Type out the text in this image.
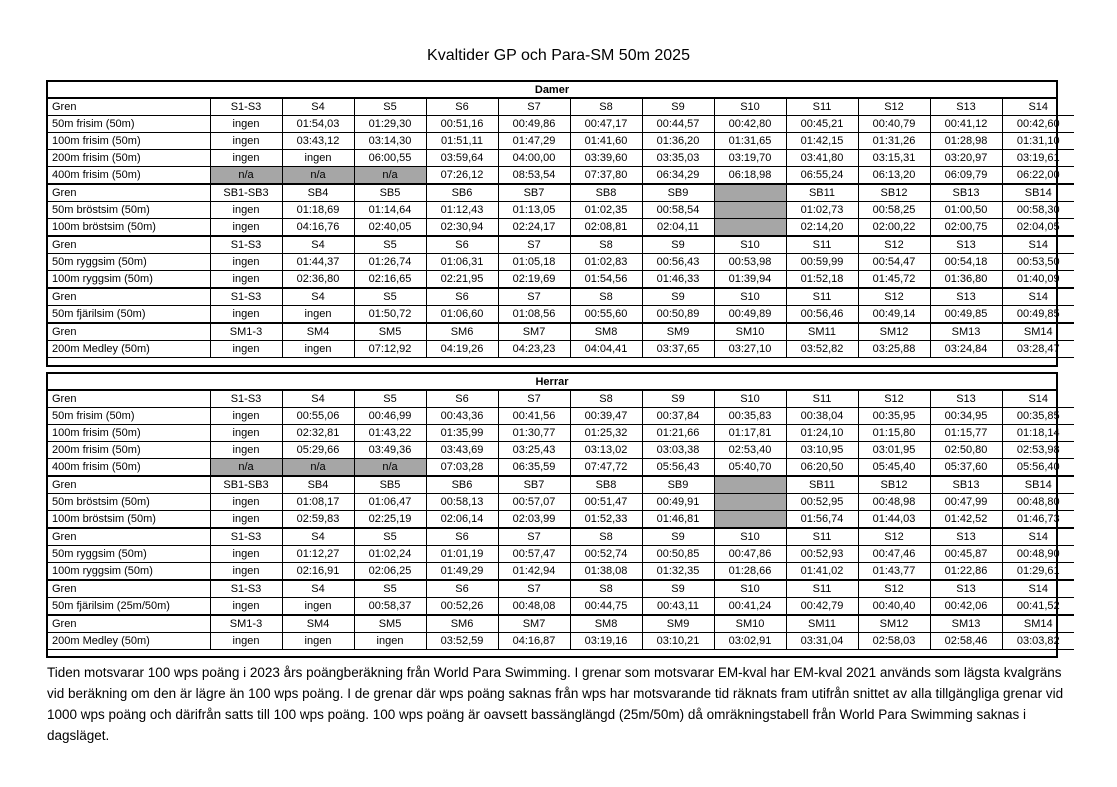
Kvaltider GP och Para-SM 50m 2025
Damer
Gren	S1-S3	S4	S5	S6	S7	S8	S9	S10	S11	S12	S13	S14
50m frisim (50m)	ingen	01:54,03	01:29,30	00:51,16	00:49,86	00:47,17	00:44,57	00:42,80	00:45,21	00:40,79	00:41,12	00:42,60
100m frisim (50m)	ingen	03:43,12	03:14,30	01:51,11	01:47,29	01:41,60	01:36,20	01:31,65	01:42,15	01:31,26	01:28,98	01:31,10
200m frisim (50m)	ingen	ingen	06:00,55	03:59,64	04:00,00	03:39,60	03:35,03	03:19,70	03:41,80	03:15,31	03:20,97	03:19,61
400m frisim (50m)	n/a	n/a	n/a	07:26,12	08:53,54	07:37,80	06:34,29	06:18,98	06:55,24	06:13,20	06:09,79	06:22,00
Gren	SB1-SB3	SB4	SB5	SB6	SB7	SB8	SB9		SB11	SB12	SB13	SB14
50m bröstsim (50m)	ingen	01:18,69	01:14,64	01:12,43	01:13,05	01:02,35	00:58,54		01:02,73	00:58,25	01:00,50	00:58,30
100m bröstsim (50m)	ingen	04:16,76	02:40,05	02:30,94	02:24,17	02:08,81	02:04,11		02:14,20	02:00,22	02:00,75	02:04,05
Gren	S1-S3	S4	S5	S6	S7	S8	S9	S10	S11	S12	S13	S14
50m ryggsim (50m)	ingen	01:44,37	01:26,74	01:06,31	01:05,18	01:02,83	00:56,43	00:53,98	00:59,99	00:54,47	00:54,18	00:53,50
100m ryggsim (50m)	ingen	02:36,80	02:16,65	02:21,95	02:19,69	01:54,56	01:46,33	01:39,94	01:52,18	01:45,72	01:36,80	01:40,09
Gren	S1-S3	S4	S5	S6	S7	S8	S9	S10	S11	S12	S13	S14
50m fjärilsim (50m)	ingen	ingen	01:50,72	01:06,60	01:08,56	00:55,60	00:50,89	00:49,89	00:56,46	00:49,14	00:49,85	00:49,85
Gren	SM1-3	SM4	SM5	SM6	SM7	SM8	SM9	SM10	SM11	SM12	SM13	SM14
200m Medley (50m)	ingen	ingen	07:12,92	04:19,26	04:23,23	04:04,41	03:37,65	03:27,10	03:52,82	03:25,88	03:24,84	03:28,47
Herrar
Gren	S1-S3	S4	S5	S6	S7	S8	S9	S10	S11	S12	S13	S14
50m frisim (50m)	ingen	00:55,06	00:46,99	00:43,36	00:41,56	00:39,47	00:37,84	00:35,83	00:38,04	00:35,95	00:34,95	00:35,85
100m frisim (50m)	ingen	02:32,81	01:43,22	01:35,99	01:30,77	01:25,32	01:21,66	01:17,81	01:24,10	01:15,80	01:15,77	01:18,14
200m frisim (50m)	ingen	05:29,66	03:49,36	03:43,69	03:25,43	03:13,02	03:03,38	02:53,40	03:10,95	03:01,95	02:50,80	02:53,98
400m frisim (50m)	n/a	n/a	n/a	07:03,28	06:35,59	07:47,72	05:56,43	05:40,70	06:20,50	05:45,40	05:37,60	05:56,40
Gren	SB1-SB3	SB4	SB5	SB6	SB7	SB8	SB9		SB11	SB12	SB13	SB14
50m bröstsim (50m)	ingen	01:08,17	01:06,47	00:58,13	00:57,07	00:51,47	00:49,91		00:52,95	00:48,98	00:47,99	00:48,80
100m bröstsim (50m)	ingen	02:59,83	02:25,19	02:06,14	02:03,99	01:52,33	01:46,81		01:56,74	01:44,03	01:42,52	01:46,73
Gren	S1-S3	S4	S5	S6	S7	S8	S9	S10	S11	S12	S13	S14
50m ryggsim (50m)	ingen	01:12,27	01:02,24	01:01,19	00:57,47	00:52,74	00:50,85	00:47,86	00:52,93	00:47,46	00:45,87	00:48,90
100m ryggsim (50m)	ingen	02:16,91	02:06,25	01:49,29	01:42,94	01:38,08	01:32,35	01:28,66	01:41,02	01:43,77	01:22,86	01:29,61
Gren	S1-S3	S4	S5	S6	S7	S8	S9	S10	S11	S12	S13	S14
50m fjärilsim (25m/50m)	ingen	ingen	00:58,37	00:52,26	00:48,08	00:44,75	00:43,11	00:41,24	00:42,79	00:40,40	00:42,06	00:41,52
Gren	SM1-3	SM4	SM5	SM6	SM7	SM8	SM9	SM10	SM11	SM12	SM13	SM14
200m Medley (50m)	ingen	ingen	ingen	03:52,59	04:16,87	03:19,16	03:10,21	03:02,91	03:31,04	02:58,03	02:58,46	03:03,82
Tiden motsvarar 100 wps poäng i 2023 års poängberäkning från World Para Swimming. I grenar som motsvarar EM-kval har EM-kval 2021 används som lägsta kvalgräns vid beräkning om den är lägre än 100 wps poäng. I de grenar där wps poäng saknas från wps har motsvarande tid räknats fram utifrån snittet av alla tillgängliga grenar vid 1000 wps poäng och därifrån satts till 100 wps poäng. 100 wps poäng är oavsett bassänglängd (25m/50m) då omräkningstabell från World Para Swimming saknas i dagsläget.
